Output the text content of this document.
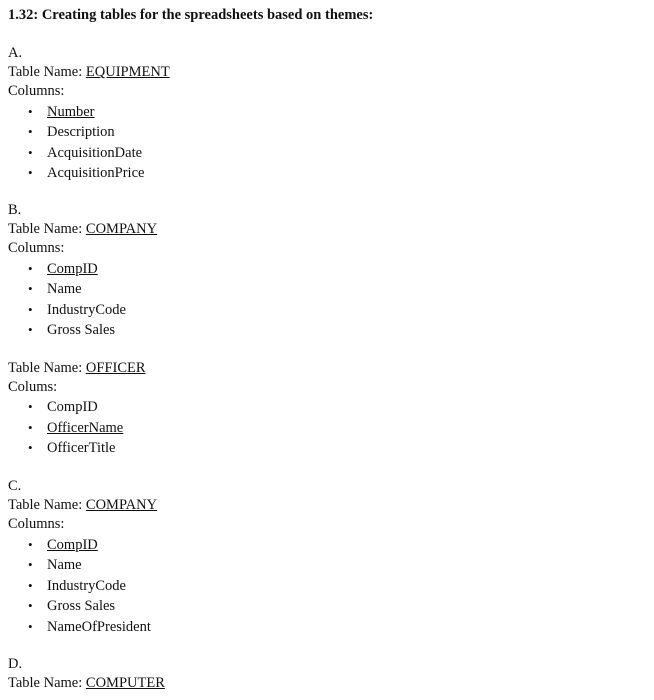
1.32: Creating tables for the spreadsheets based on themes:
A.
Table Name: EQUIPMENT
Columns:
• Number
• Description
• AcquisitionDate
• AcquisitionPrice
B.
Table Name: COMPANY
Columns:
• CompID
• Name
• IndustryCode
• Gross Sales
Table Name: OFFICER
Colums:
• CompID
• OfficerName
• OfficerTitle
C.
Table Name: COMPANY
Columns:
• CompID
• Name
• IndustryCode
• Gross Sales
• NameOfPresident
D.
Table Name: COMPUTER
